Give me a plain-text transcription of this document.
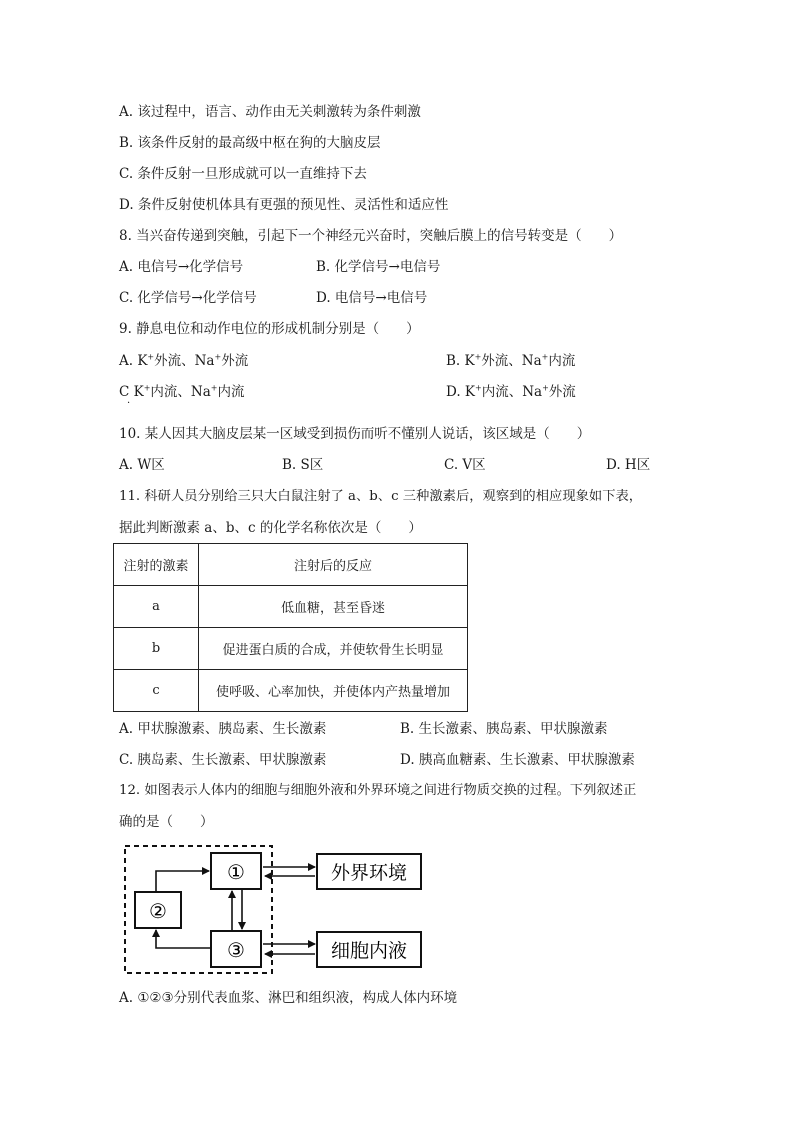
A. 该过程中，语言、动作由无关刺激转为条件刺激
B. 该条件反射的最高级中枢在狗的大脑皮层
C. 条件反射一旦形成就可以一直维持下去
D. 条件反射使机体具有更强的预见性、灵活性和适应性
8. 当兴奋传递到突触，引起下一个神经元兴奋时，突触后膜上的信号转变是（　　）
A. 电信号→化学信号	B. 化学信号→电信号
C. 化学信号→化学信号	D. 电信号→电信号
9. 静息电位和动作电位的形成机制分别是（　　）
A. K+外流、Na+外流	B. K+外流、Na+内流
C K+内流、Na+内流
·
D. K+内流、Na+外流
10. 某人因其大脑皮层某一区域受到损伤而听不懂别人说话，该区域是（　　）
A. W区	B. S区	C. V区	D. H区
11. 科研人员分别给三只大白鼠注射了 a、b、c 三种激素后，观察到的相应现象如下表，
据此判断激素 a、b、c 的化学名称依次是（　　）
注射的激素	注射后的反应
a	低血糖，甚至昏迷
b	促进蛋白质的合成，并使软骨生长明显
c	使呼吸、心率加快，并使体内产热量增加
A. 甲状腺激素、胰岛素、生长激素	B. 生长激素、胰岛素、甲状腺激素
C. 胰岛素、生长激素、甲状腺激素	D. 胰高血糖素、生长激素、甲状腺激素
12. 如图表示人体内的细胞与细胞外液和外界环境之间进行物质交换的过程。下列叙述正
确的是（　　）
①
②
③
外界环境
细胞内液
A. ①②③分别代表血浆、淋巴和组织液，构成人体内环境
